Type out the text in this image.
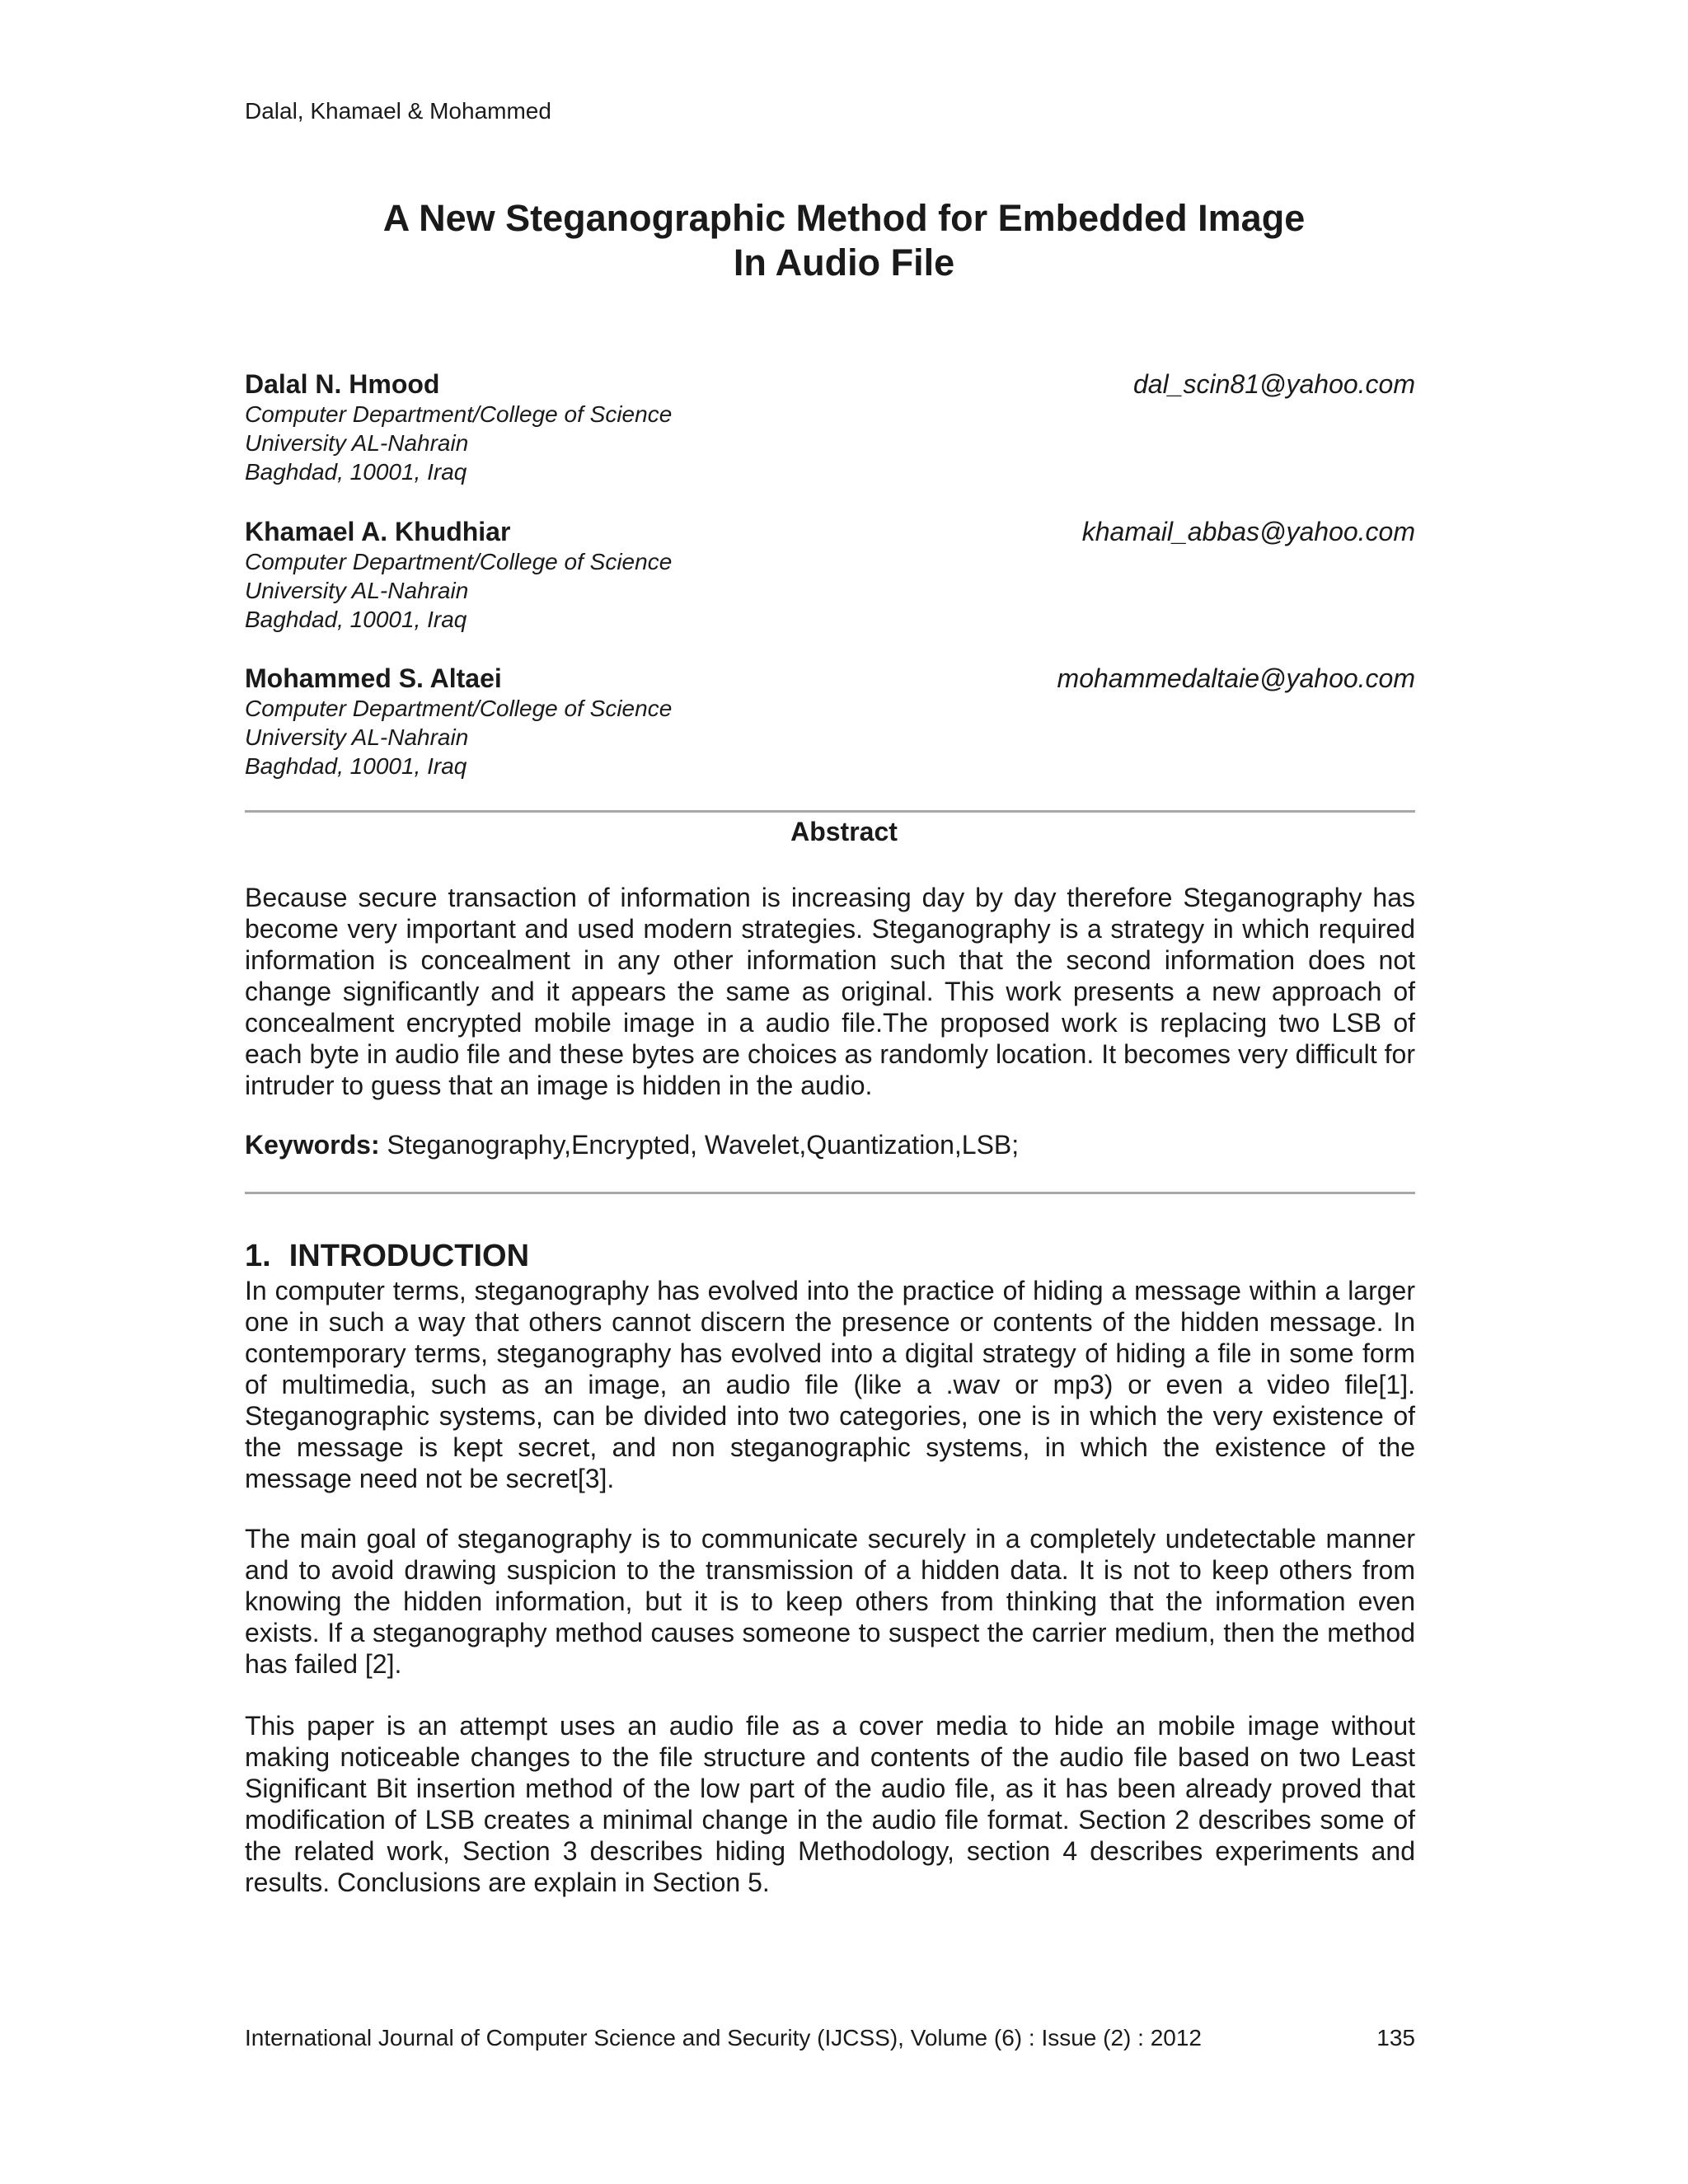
Dalal, Khamael & Mohammed
A New Steganographic Method for Embedded Image
In Audio File
Dalal N. Hmood	dal_scin81@yahoo.com
Computer Department/College of Science
University AL-Nahrain
Baghdad, 10001, Iraq
Khamael A. Khudhiar	khamail_abbas@yahoo.com
Computer Department/College of Science
University AL-Nahrain
Baghdad, 10001, Iraq
Mohammed S. Altaei	mohammedaltaie@yahoo.com
Computer Department/College of Science
University AL-Nahrain
Baghdad, 10001, Iraq
Abstract

Because secure transaction of information is increasing day by day therefore Steganography has become very important and used modern strategies. Steganography is a strategy in which required information is concealment in any other information such that the second information does not change significantly and it appears the same as original. This work presents a new approach of concealment encrypted mobile image in a audio file.The proposed work is replacing two LSB of each byte in audio file and these bytes are choices as randomly location. It becomes very difficult for intruder to guess that an image is hidden in the audio.

Keywords: Steganography,Encrypted, Wavelet,Quantization,LSB;

1. INTRODUCTION

In computer terms, steganography has evolved into the practice of hiding a message within a larger one in such a way that others cannot discern the presence or contents of the hidden message. In contemporary terms, steganography has evolved into a digital strategy of hiding a file in some form of multimedia, such as an image, an audio file (like a .wav or mp3) or even a video file[1]. Steganographic systems, can be divided into two categories, one is in which the very existence of the message is kept secret, and non steganographic systems, in which the existence of the message need not be secret[3].

The main goal of steganography is to communicate securely in a completely undetectable manner and to avoid drawing suspicion to the transmission of a hidden data. It is not to keep others from knowing the hidden information, but it is to keep others from thinking that the information even exists. If a steganography method causes someone to suspect the carrier medium, then the method has failed [2].

This paper is an attempt uses an audio file as a cover media to hide an mobile image without making noticeable changes to the file structure and contents of the audio file based on two Least Significant Bit insertion method of the low part of the audio file, as it has been already proved that modification of LSB creates a minimal change in the audio file format. Section 2 describes some of the related work, Section 3 describes hiding Methodology, section 4 describes experiments and results. Conclusions are explain in Section 5.

International Journal of Computer Science and Security (IJCSS), Volume (6) : Issue (2) : 2012	135
